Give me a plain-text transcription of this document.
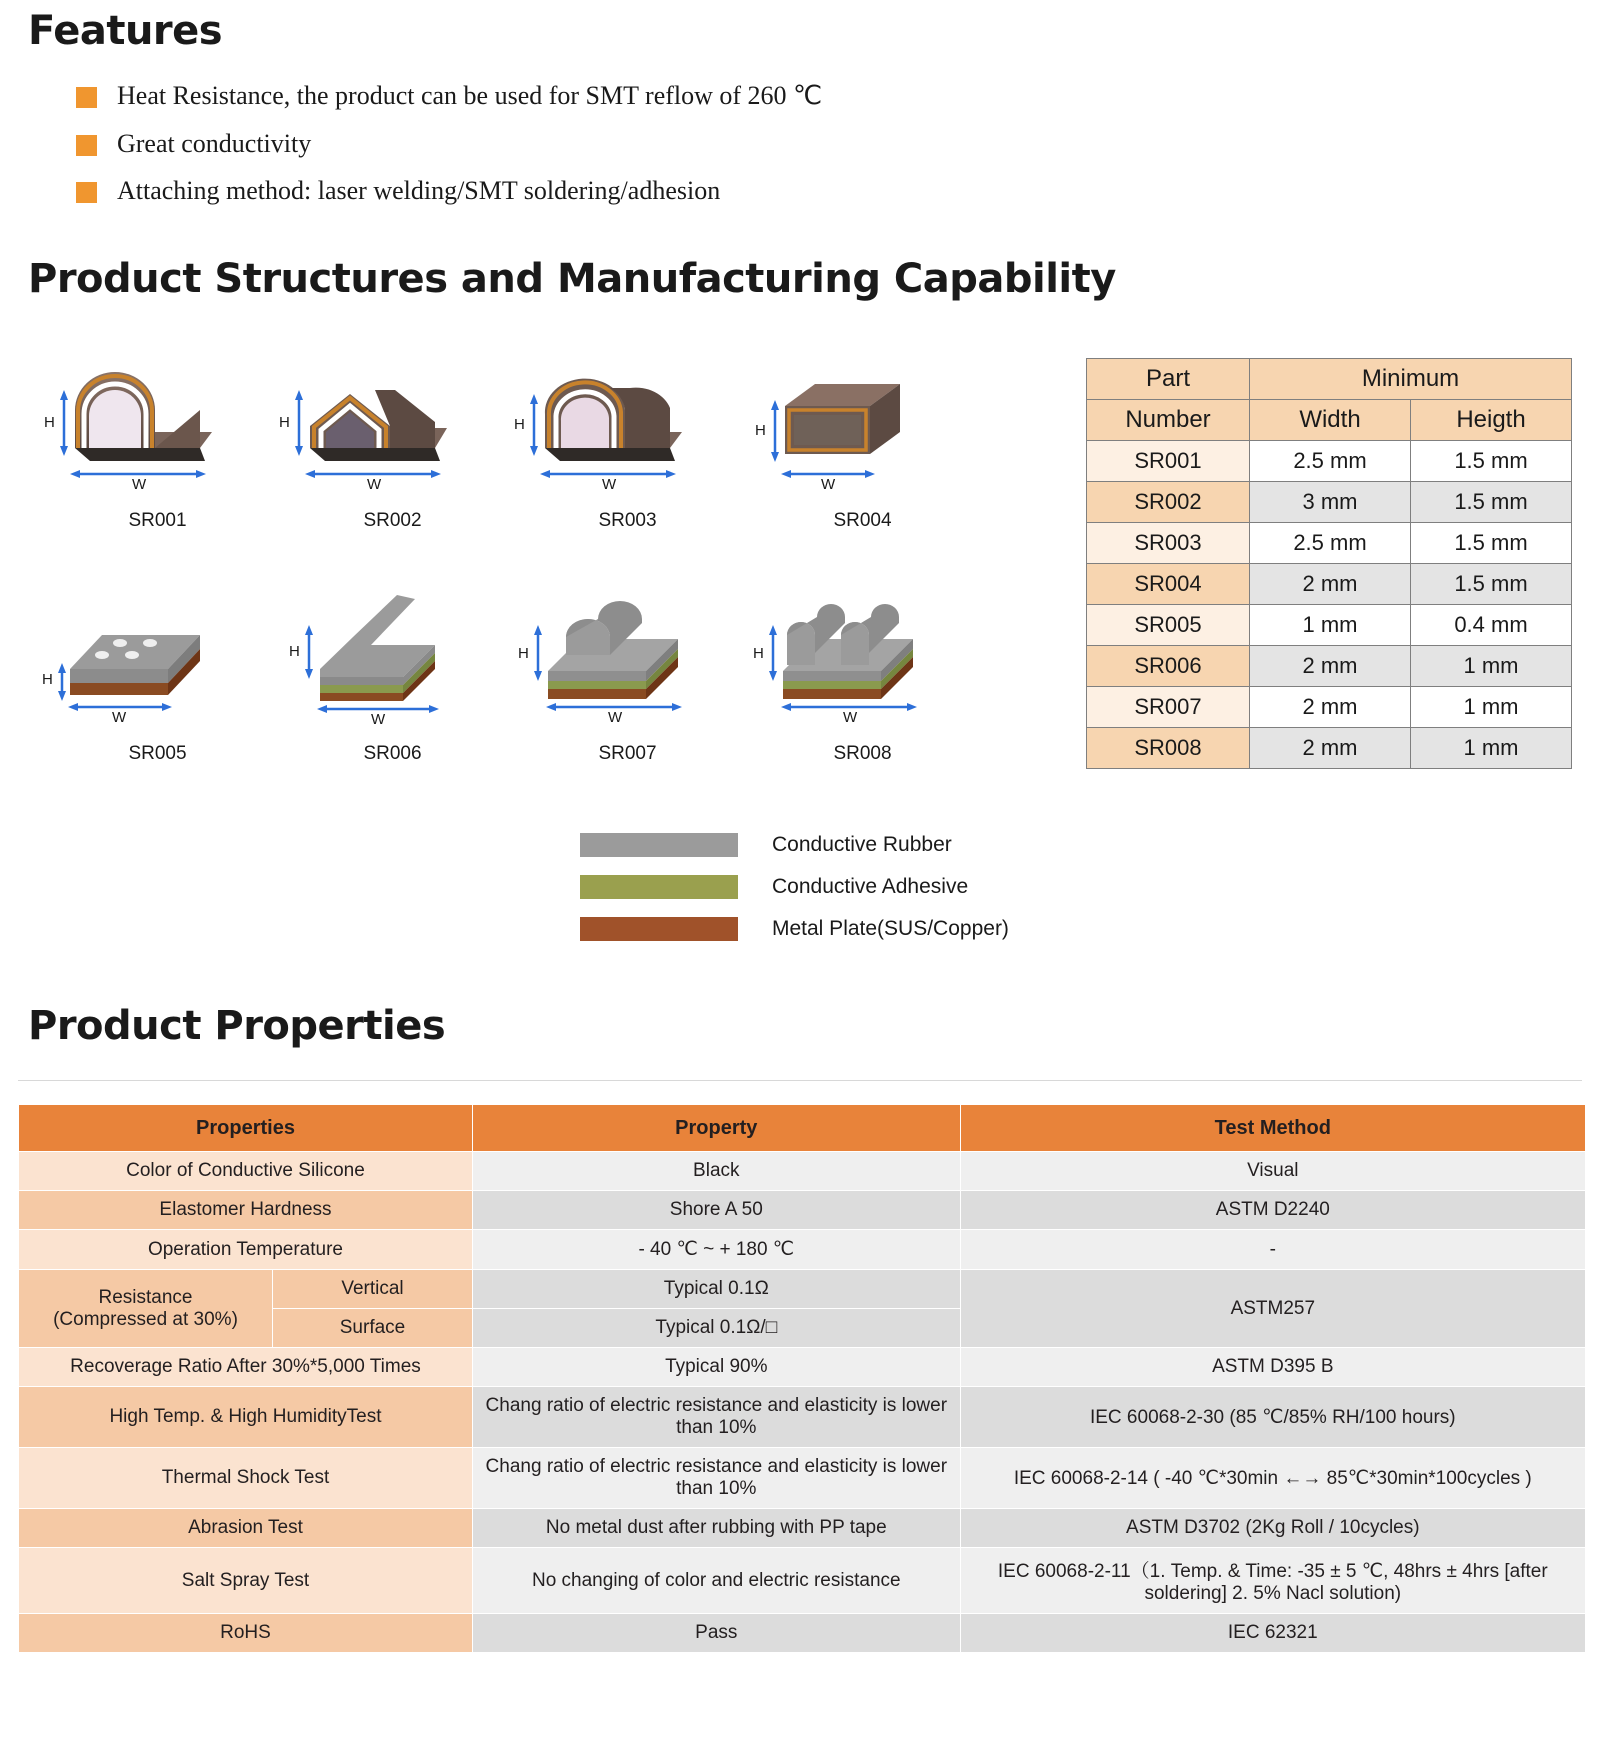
Features
Heat Resistance, the product can be used for SMT reflow of 260 ℃
Great conductivity
Attaching method: laser welding/SMT soldering/adhesion
Product Structures and Manufacturing Capability
H
W
SR001
H
W
SR002
H
W
SR003
H
W
SR004
H
W
SR005
H
W
SR006
H
W
SR007
H
W
SR008
Part	Minimum	
Number	Width	Heigth
SR001	2.5 mm	1.5 mm
SR002	3 mm	1.5 mm
SR003	2.5 mm	1.5 mm
SR004	2 mm	1.5 mm
SR005	1 mm	0.4 mm
SR006	2 mm	1 mm
SR007	2 mm	1 mm
SR008	2 mm	1 mm
Conductive Rubber
Conductive Adhesive
Metal Plate(SUS/Copper)
Product Properties
Properties		Property	Test Method
Color of Conductive Silicone		Black	Visual
Elastomer Hardness		Shore A 50	ASTM D2240
Operation Temperature		- 40 ℃ ~ + 180 ℃	-
Resistance
(Compressed at 30%)	Vertical	Typical 0.1Ω	ASTM257
	Surface	Typical 0.1Ω/□	
Recoverage Ratio After 30%*5,000 Times		Typical 90%	ASTM D395 B
High Temp. & High HumidityTest		Chang ratio of electric resistance and elasticity is lower than 10%	IEC 60068-2-30 (85 ℃/85% RH/100 hours)
Thermal Shock Test		Chang ratio of electric resistance and elasticity is lower than 10%	IEC 60068-2-14 ( -40 ℃*30min ←→ 85℃*30min*100cycles )
Abrasion Test		No metal dust after rubbing with PP tape	ASTM D3702 (2Kg Roll / 10cycles)
Salt Spray Test		No changing of color and electric resistance	IEC 60068-2-11（1. Temp. & Time: -35 ± 5 ℃, 48hrs ± 4hrs [after soldering] 2. 5% Nacl solution)
RoHS		Pass	IEC 62321
